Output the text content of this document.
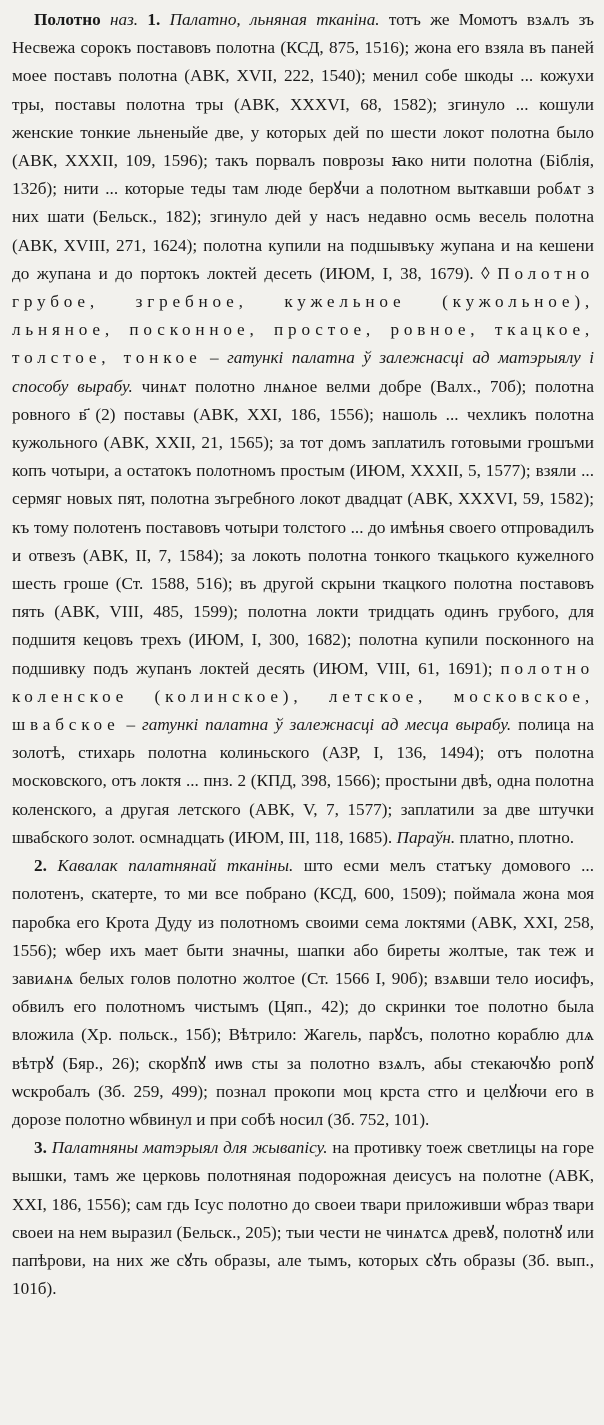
Полотно наз. 1. Палатно, льняная тканіна. тотъ же Момотъ взѧлъ зъ Несвежа сорокъ поставовъ полотна (КСД, 875, 1516); жона его взяла въ паней моее поставъ полотна (АВК, XVII, 222, 1540); менил собе шкоды ... кожухи тры, поставы полотна тры (АВК, XXXVI, 68, 1582); згинуло ... кошули женские тонкие льненыйе две, у которых дей по шести локот полотна было (АВК, XXXII, 109, 1596); такъ порвалъ поврозы ꙗко нити полотна (Біблія, 132б); нити ... которые теды там люде берꙋчи а полотном выткавши робѧт з них шати (Бельск., 182); згинуло дей у насъ недавно осмь весель полотна (АВК, XVIII, 271, 1624); полотна купили на подшывъку жупана и на кешени до жупана и до портокъ локтей десеть (ИЮМ, I, 38, 1679). ◊ Полотно грубое, згребное, кужельное (кужольное), льняное, посконное, простое, ровное, ткацкое, толстое, тонкое – гатункі палатна ў залежнасці ад матэрыялу і способу вырабу. чинѧт полотно лнѧное велми добре (Валх., 70б); полотна ровного в҃ (2) поставы (АВК, XXI, 186, 1556); нашоль ... чехликъ полотна кужольного (АВК, XXII, 21, 1565); за тот домъ заплатилъ готовыми грошъми копъ чотыри, а остатокъ полотномъ простым (ИЮМ, XXXII, 5, 1577); взяли ... сермяг новых пят, полотна зъгребного локот двадцат (АВК, XXXVI, 59, 1582); къ тому полотенъ поставовъ чотыри толстого ... до имѣнья своего отпровадилъ и отвезъ (АВК, II, 7, 1584); за локоть полотна тонкого ткацького кужелного шесть гроше (Ст. 1588, 516); въ другой скрыни ткацкого полотна поставовъ пять (АВК, VIII, 485, 1599); полотна локти тридцать одинъ грубого, для подшитя кецовъ трехъ (ИЮМ, I, 300, 1682); полотна купили посконного на подшивку подъ жупанъ локтей десять (ИЮМ, VIII, 61, 1691); полотно коленское (колинское), летское, московское, швабское – гатункі палатна ў залежнасці ад месца вырабу. полица на золотѣ, стихарь полотна колиньского (АЗР, I, 136, 1494); отъ полотна московского, отъ локтя ... пнз. 2 (КПД, 398, 1566); простыни двѣ, одна полотна коленского, а другая летского (АВК, V, 7, 1577); заплатили за две штучки швабского золот. осмнадцать (ИЮМ, III, 118, 1685). Параўн. платно, плотно.

2. Кавалак палатнянай тканіны. што есми мелъ статъку домового ... полотенъ, скатерте, то ми все побрано (КСД, 600, 1509); поймала жона моя паробка его Крота Дуду из полотномъ своими сема локтями (АВК, XXI, 258, 1556); ѡбер ихъ мает быти значны, шапки або биреты жолтые, так теж и завиѧнѧ белых голов полотно жолтое (Ст. 1566 I, 90б); взѧвши тело иосифъ, обвилъ его полотномъ чистымъ (Цяп., 42); до скринки тое полотно была вложила (Хр. польск., 15б); Вѣтрило: Жагель, парꙋсъ, полотно кораблю длѧ вѣтрꙋ (Бяр., 26); скорꙋпꙋ иѡв сты за полотно взѧлъ, абы стекаючꙋю ропꙋ ѡскробалъ (Зб. 259, 499); познал прокопи моц крста стго и целꙋючи его в дорозе полотно ѡбвинул и при собѣ носил (Зб. 752, 101).

3. Палатняны матэрыял для жывапісу. на противку тоеж светлицы на горе вышки, тамъ же церковь полотняная подорожная деисусъ на полотне (АВК, XXI, 186, 1556); сам гдь Ісус полотно до своеи твари приложивши ѡбраз твари своеи на нем выразил (Бельск., 205); тыи чести не чинѧтсѧ древꙋ, полотнꙋ или папѣрови, на них же сꙋть образы, але тымъ, которых сꙋть образы (Зб. вып., 101б).
